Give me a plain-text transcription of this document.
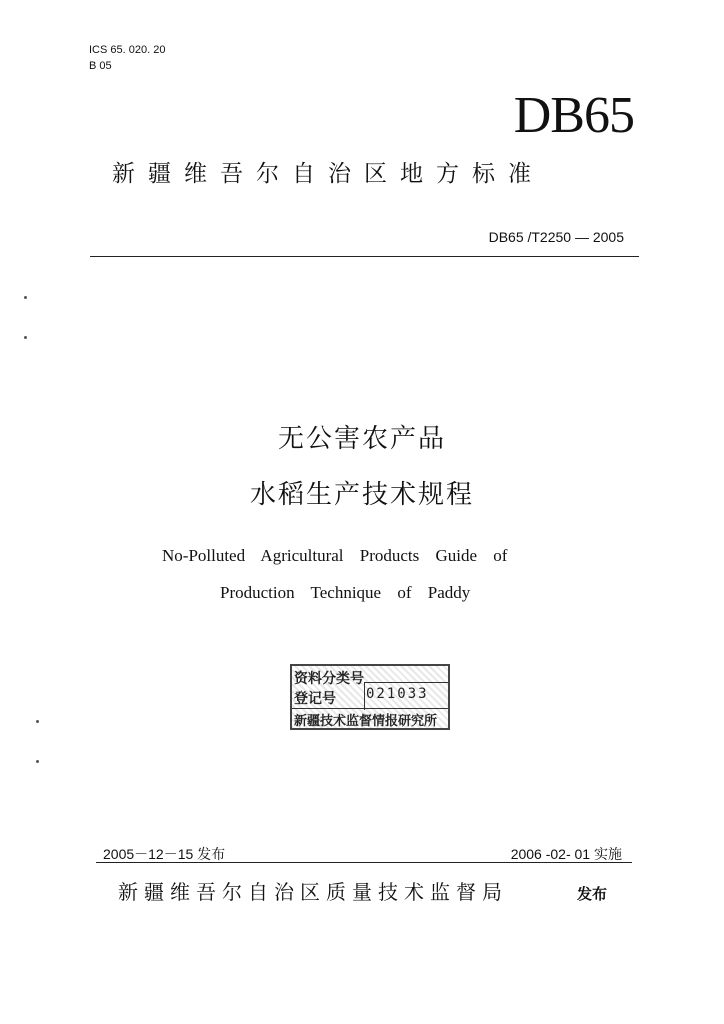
ICS 65. 020. 20
B 05
DB65
新疆维吾尔自治区地方标准
DB65 /T2250 — 2005
无公害农产品
水稻生产技术规程
No-Polluted Agricultural Products Guide of
Production Technique of Paddy
资料分类号
登记号	021033
新疆技术监督情报研究所
2005－12－15 发布	2006 -02- 01 实施
新疆维吾尔自治区质量技术监督局	发布
